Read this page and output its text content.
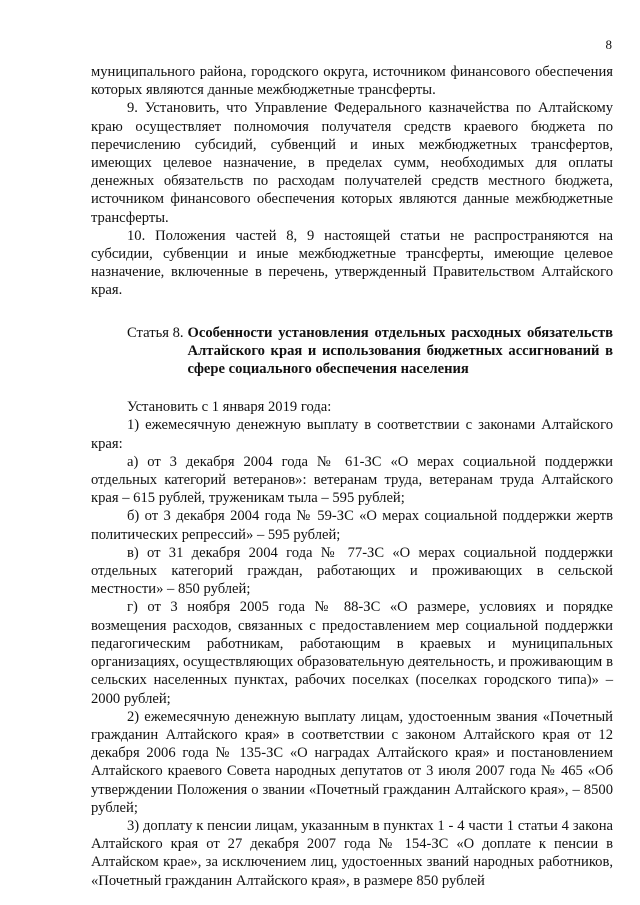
8

муниципального района, городского округа, источником финансового обеспечения которых являются данные межбюджетные трансферты.

9. Установить, что Управление Федерального казначейства по Алтайскому краю осуществляет полномочия получателя средств краевого бюджета по перечислению субсидий, субвенций и иных межбюджетных трансфертов, имеющих целевое назначение, в пределах сумм, необходимых для оплаты денежных обязательств по расходам получателей средств местного бюджета, источником финансового обеспечения которых являются данные межбюджетные трансферты.

10. Положения частей 8, 9 настоящей статьи не распространяются на субсидии, субвенции и иные межбюджетные трансферты, имеющие целевое назначение, включенные в перечень, утвержденный Правительством Алтайского края.

Статья 8. Особенности установления отдельных расходных обязательств Алтайского края и использования бюджетных ассигнований в сфере социального обеспечения населения

Установить с 1 января 2019 года:

1) ежемесячную денежную выплату в соответствии с законами Алтайского края:

а) от 3 декабря 2004 года № 61-ЗС «О мерах социальной поддержки отдельных категорий ветеранов»: ветеранам труда, ветеранам труда Алтайского края – 615 рублей, труженикам тыла – 595 рублей;

б) от 3 декабря 2004 года № 59-ЗС «О мерах социальной поддержки жертв политических репрессий» – 595 рублей;

в) от 31 декабря 2004 года № 77-ЗС «О мерах социальной поддержки отдельных категорий граждан, работающих и проживающих в сельской местности» – 850 рублей;

г) от 3 ноября 2005 года № 88-ЗС «О размере, условиях и порядке возмещения расходов, связанных с предоставлением мер социальной поддержки педагогическим работникам, работающим в краевых и муниципальных организациях, осуществляющих образовательную деятельность, и проживающим в сельских населенных пунктах, рабочих поселках (поселках городского типа)» – 2000 рублей;

2) ежемесячную денежную выплату лицам, удостоенным звания «Почетный гражданин Алтайского края» в соответствии с законом Алтайского края от 12 декабря 2006 года № 135-ЗС «О наградах Алтайского края» и постановлением Алтайского краевого Совета народных депутатов от 3 июля 2007 года № 465 «Об утверждении Положения о звании «Почетный гражданин Алтайского края», – 8500 рублей;

3) доплату к пенсии лицам, указанным в пунктах 1 - 4 части 1 статьи 4 закона Алтайского края от 27 декабря 2007 года № 154-ЗС «О доплате к пенсии в Алтайском крае», за исключением лиц, удостоенных званий народных работников, «Почетный гражданин Алтайского края», в размере 850 рублей
